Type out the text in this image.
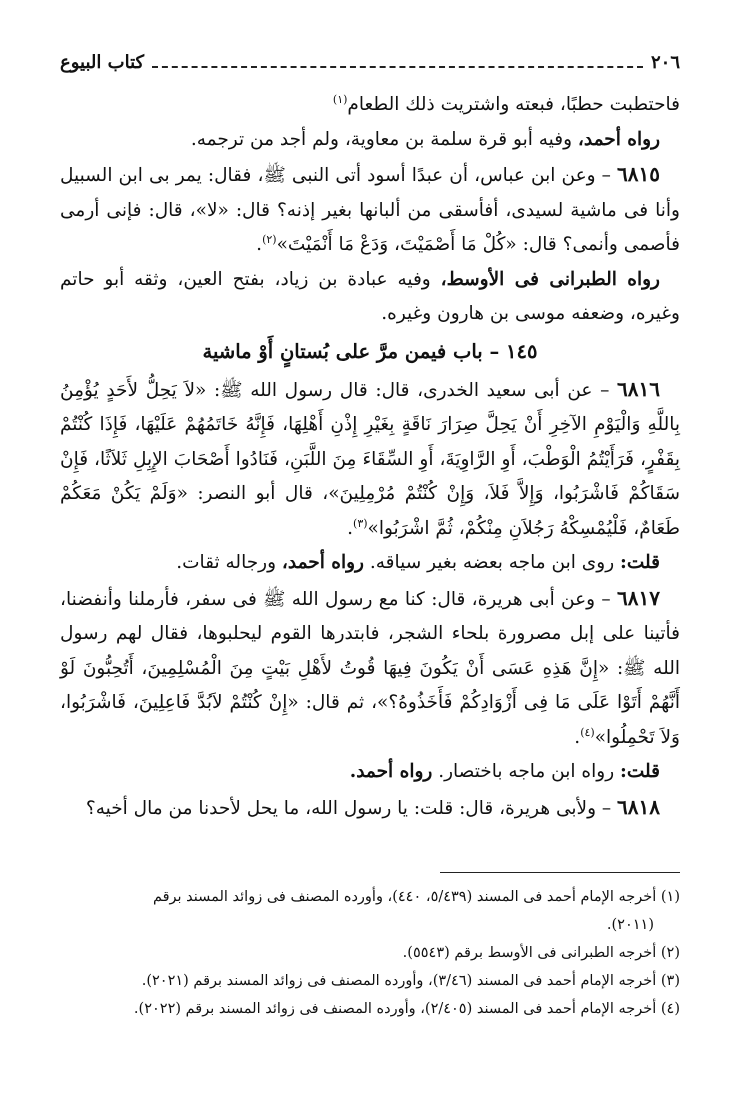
٢٠٦
كتاب البيوع

فاحتطبت حطبًا، فبعته واشتريت ذلك الطعام$^{(١)}$

رواه أحمد، وفيه أبو قرة سلمة بن معاوية، ولم أجد من ترجمه.

٦٨١٥ – وعن ابن عباس، أن عبدًا أسود أتى النبى ﷺ، فقال: يمر بى ابن السبيل وأنا فى ماشية لسيدى، أفأسقى من ألبانها بغير إذنه؟ قال: «لا»، قال: فإنى أرمى فأصمى وأنمى؟ قال: «كُلْ مَا أَصْمَيْتَ، وَدَعْ مَا أَنْمَيْتَ»$^{(٢)}$.

رواه الطبرانى فى الأوسط، وفيه عبادة بن زياد، بفتح العين، وثقه أبو حاتم وغيره، وضعفه موسى بن هارون وغيره.

١٤٥ – باب فيمن مرَّ على بُستانٍ أَوْ ماشية

٦٨١٦ – عن أبى سعيد الخدرى، قال: قال رسول الله ﷺ: «لاَ يَحِلُّ لأَحَدٍ يُؤْمِنُ بِاللَّهِ وَالْيَوْمِ الآخِرِ أَنْ يَحِلَّ صِرَارَ نَاقَةٍ بِغَيْرِ إِذْنِ أَهْلِهَا، فَإِنَّهُ خَاتَمُهُمْ عَلَيْهَا، فَإِذَا كُنْتُمْ بِقَفْرٍ، فَرَأَيْتُمُ الْوَطْبَ، أَوِ الرَّاوِيَةَ، أَوِ السِّقَاءَ مِنَ اللَّبَنِ، فَنَادُوا أَصْحَابَ الإِبِلِ ثَلاَثًا، فَإِنْ سَقَاكُمْ فَاشْرَبُوا، وَإِلاَّ فَلاَ، وَإِنْ كُنْتُمْ مُرْمِلِينَ»، قال أبو النصر: «وَلَمْ يَكُنْ مَعَكُمْ طَعَامٌ، فَلْيُمْسِكْهُ رَجُلاَنِ مِنْكُمْ، ثُمَّ اشْرَبُوا»$^{(٣)}$.

قلت: روى ابن ماجه بعضه بغير سياقه. رواه أحمد، ورجاله ثقات.

٦٨١٧ – وعن أبى هريرة، قال: كنا مع رسول الله ﷺ فى سفر، فأرملنا وأنفضنا، فأتينا على إبل مصرورة بلحاء الشجر، فابتدرها القوم ليحلبوها، فقال لهم رسول الله ﷺ: «إِنَّ هَذِهِ عَسَى أَنْ يَكُونَ فِيهَا قُوتُ لأَهْلِ بَيْتٍ مِنَ الْمُسْلِمِينَ، أَتُحِبُّونَ لَوْ أَنَّهُمْ أَتَوْا عَلَى مَا فِى أَزْوَادِكُمْ فَأَخَذُوهُ؟»، ثم قال: «إِنْ كُنْتُمْ لاَبُدَّ فَاعِلِينَ، فَاشْرَبُوا، وَلاَ تَحْمِلُوا»$^{(٤)}$.

قلت: رواه ابن ماجه باختصار. رواه أحمد.

٦٨١٨ – ولأبى هريرة، قال: قلت: يا رسول الله، ما يحل لأحدنا من مال أخيه؟

(١) أخرجه الإمام أحمد فى المسند (٥/٤٣٩، ٤٤٠)، وأورده المصنف فى زوائد المسند برقم

(٢٠١١).

(٢) أخرجه الطبرانى فى الأوسط برقم (٥٥٤٣).

(٣) أخرجه الإمام أحمد فى المسند (٣/٤٦)، وأورده المصنف فى زوائد المسند برقم (٢٠٢١).

(٤) أخرجه الإمام أحمد فى المسند (٢/٤٠٥)، وأورده المصنف فى زوائد المسند برقم (٢٠٢٢).
